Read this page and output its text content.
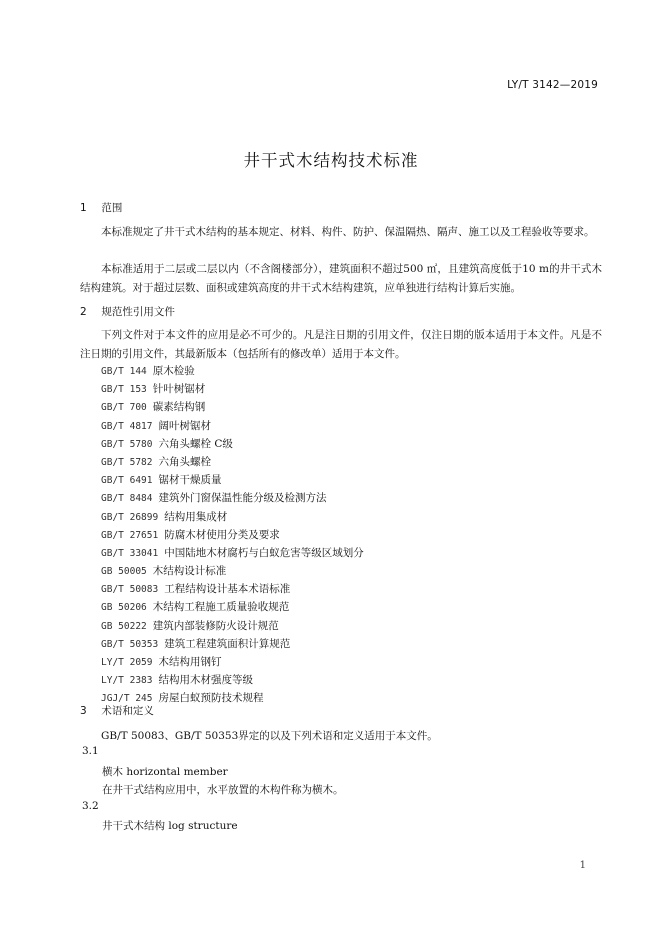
LY/T 3142—2019
井干式木结构技术标准
1 范围
本标准规定了井干式木结构的基本规定、材料、构件、防护、保温隔热、隔声、施工以及工程验收等要求。
本标准适用于二层或二层以内（不含阁楼部分），建筑面积不超过500 ㎡，且建筑高度低于10 m的井干式木结构建筑。对于超过层数、面积或建筑高度的井干式木结构建筑，应单独进行结构计算后实施。
2 规范性引用文件
下列文件对于本文件的应用是必不可少的。凡是注日期的引用文件，仅注日期的版本适用于本文件。凡是不注日期的引用文件，其最新版本（包括所有的修改单）适用于本文件。
GB/T 144 原木检验
GB/T 153 针叶树锯材
GB/T 700 碳素结构钢
GB/T 4817 阔叶树锯材
GB/T 5780 六角头螺栓 C级
GB/T 5782 六角头螺栓
GB/T 6491 锯材干燥质量
GB/T 8484 建筑外门窗保温性能分级及检测方法
GB/T 26899 结构用集成材
GB/T 27651 防腐木材使用分类及要求
GB/T 33041 中国陆地木材腐朽与白蚁危害等级区域划分
GB 50005 木结构设计标准
GB/T 50083 工程结构设计基本术语标准
GB 50206 木结构工程施工质量验收规范
GB 50222 建筑内部装修防火设计规范
GB/T 50353 建筑工程建筑面积计算规范
LY/T 2059 木结构用钢钉
LY/T 2383 结构用木材强度等级
JGJ/T 245 房屋白蚁预防技术规程
3 术语和定义
GB/T 50083、GB/T 50353界定的以及下列术语和定义适用于本文件。
3.1
横木 horizontal member
在井干式结构应用中，水平放置的木构件称为横木。
3.2
井干式木结构 log structure
1
